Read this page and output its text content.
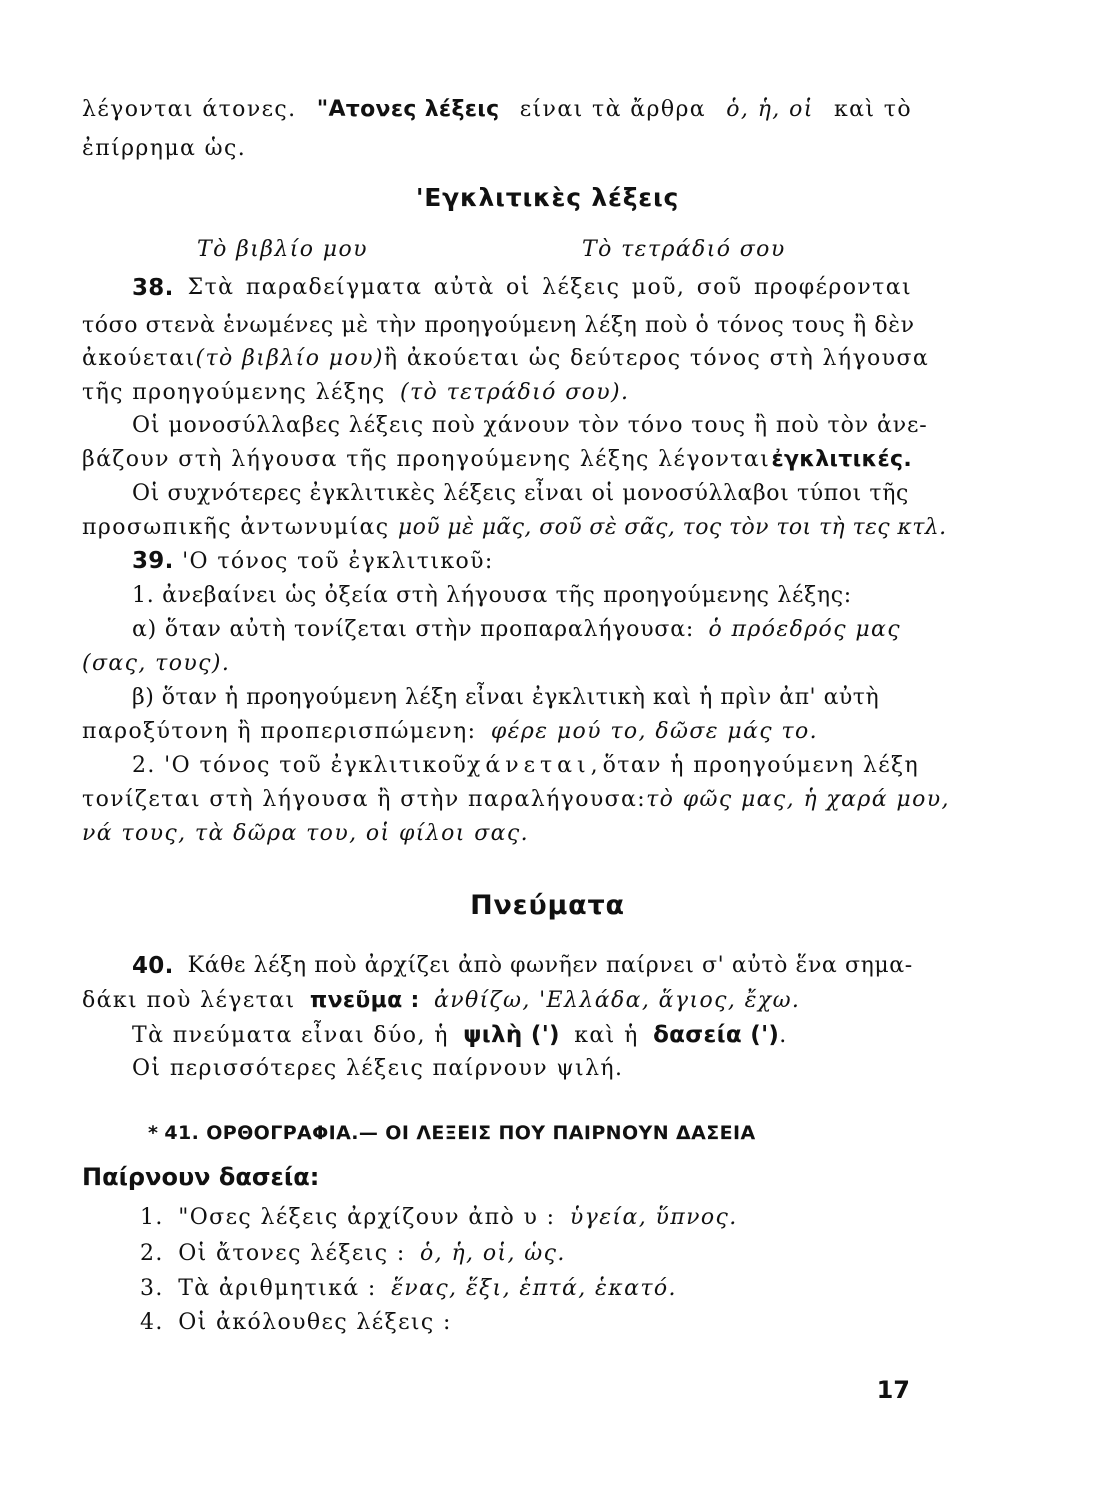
λέγονται άτονες. "Ατονες λέξεις είναι τὰ ἄρθρα ὁ, ἡ, οἱ καὶ τὸ
ἐπίρρημα ὡς.
'Εγκλιτικὲς λέξεις
Τὸ βιβλίο μου	Τὸ τετράδιό σου
38. Στὰ παραδείγματα αὐτὰ οἱ λέξεις μοῦ, σοῦ προφέρονται
τόσο στενὰ ἑνωμένες μὲ τὴν προηγούμενη λέξη ποὺ ὁ τόνος τους ἢ δὲν
ἀκούεται (τὸ βιβλίο μου) ἢ ἀκούεται ὡς δεύτερος τόνος στὴ λήγουσα
τῆς προηγούμενης λέξης (τὸ τετράδιό σου).
Οἱ μονοσύλλαβες λέξεις ποὺ χάνουν τὸν τόνο τους ἢ ποὺ τὸν ἀνε-
βάζουν στὴ λήγουσα τῆς προηγούμενης λέξης λέγονται ἐγκλιτικές.
Οἱ συχνότερες ἐγκλιτικὲς λέξεις εἶναι οἱ μονοσύλλαβοι τύποι τῆς
προσωπικῆς ἀντωνυμίας μοῦ μὲ μᾶς, σοῦ σὲ σᾶς, τος τὸν τοι τὴ τες κτλ.
39. 'Ο τόνος τοῦ ἐγκλιτικοῦ:
1. ἀνεβαίνει ὡς ὀξεία στὴ λήγουσα τῆς προηγούμενης λέξης:
α) ὅταν αὐτὴ τονίζεται στὴν προπαραλήγουσα: ὁ πρόεδρός μας
(σας, τους).
β) ὅταν ἡ προηγούμενη λέξη εἶναι ἐγκλιτικὴ καὶ ἡ πρὶν ἀπ' αὐτὴ
παροξύτονη ἢ προπερισπώμενη: φέρε μού το, δῶσε μάς το.
2. 'Ο τόνος τοῦ ἐγκλιτικοῦ χάνεται, ὅταν ἡ προηγούμενη λέξη
τονίζεται στὴ λήγουσα ἢ στὴν παραλήγουσα: τὸ φῶς μας, ἡ χαρά μου,
νά τους, τὰ δῶρα του, οἱ φίλοι σας.
Πνεύματα
40. Κάθε λέξη ποὺ ἀρχίζει ἀπὸ φωνῆεν παίρνει σ' αὐτὸ ἕνα σημα-
δάκι ποὺ λέγεται πνεῦμα : ἀνθίζω, 'Ελλάδα, ἅγιος, ἔχω.
Τὰ πνεύματα εἶναι δύο, ἡ ψιλὴ (') καὶ ἡ δασεία (').
Οἱ περισσότερες λέξεις παίρνουν ψιλή.
* 41. ΟΡΘΟΓΡΑΦΙΑ.— ΟΙ ΛΕΞΕΙΣ ΠΟΥ ΠΑΙΡΝΟΥΝ ΔΑΣΕΙΑ
Παίρνουν δασεία:
1. "Οσες λέξεις ἀρχίζουν ἀπὸ υ : ὑγεία, ὕπνος.
2. Οἱ ἄτονες λέξεις : ὁ, ἡ, οἱ, ὡς.
3. Τὰ ἀριθμητικά : ἕνας, ἕξι, ἑπτά, ἑκατό.
4. Οἱ ἀκόλουθες λέξεις :
17
